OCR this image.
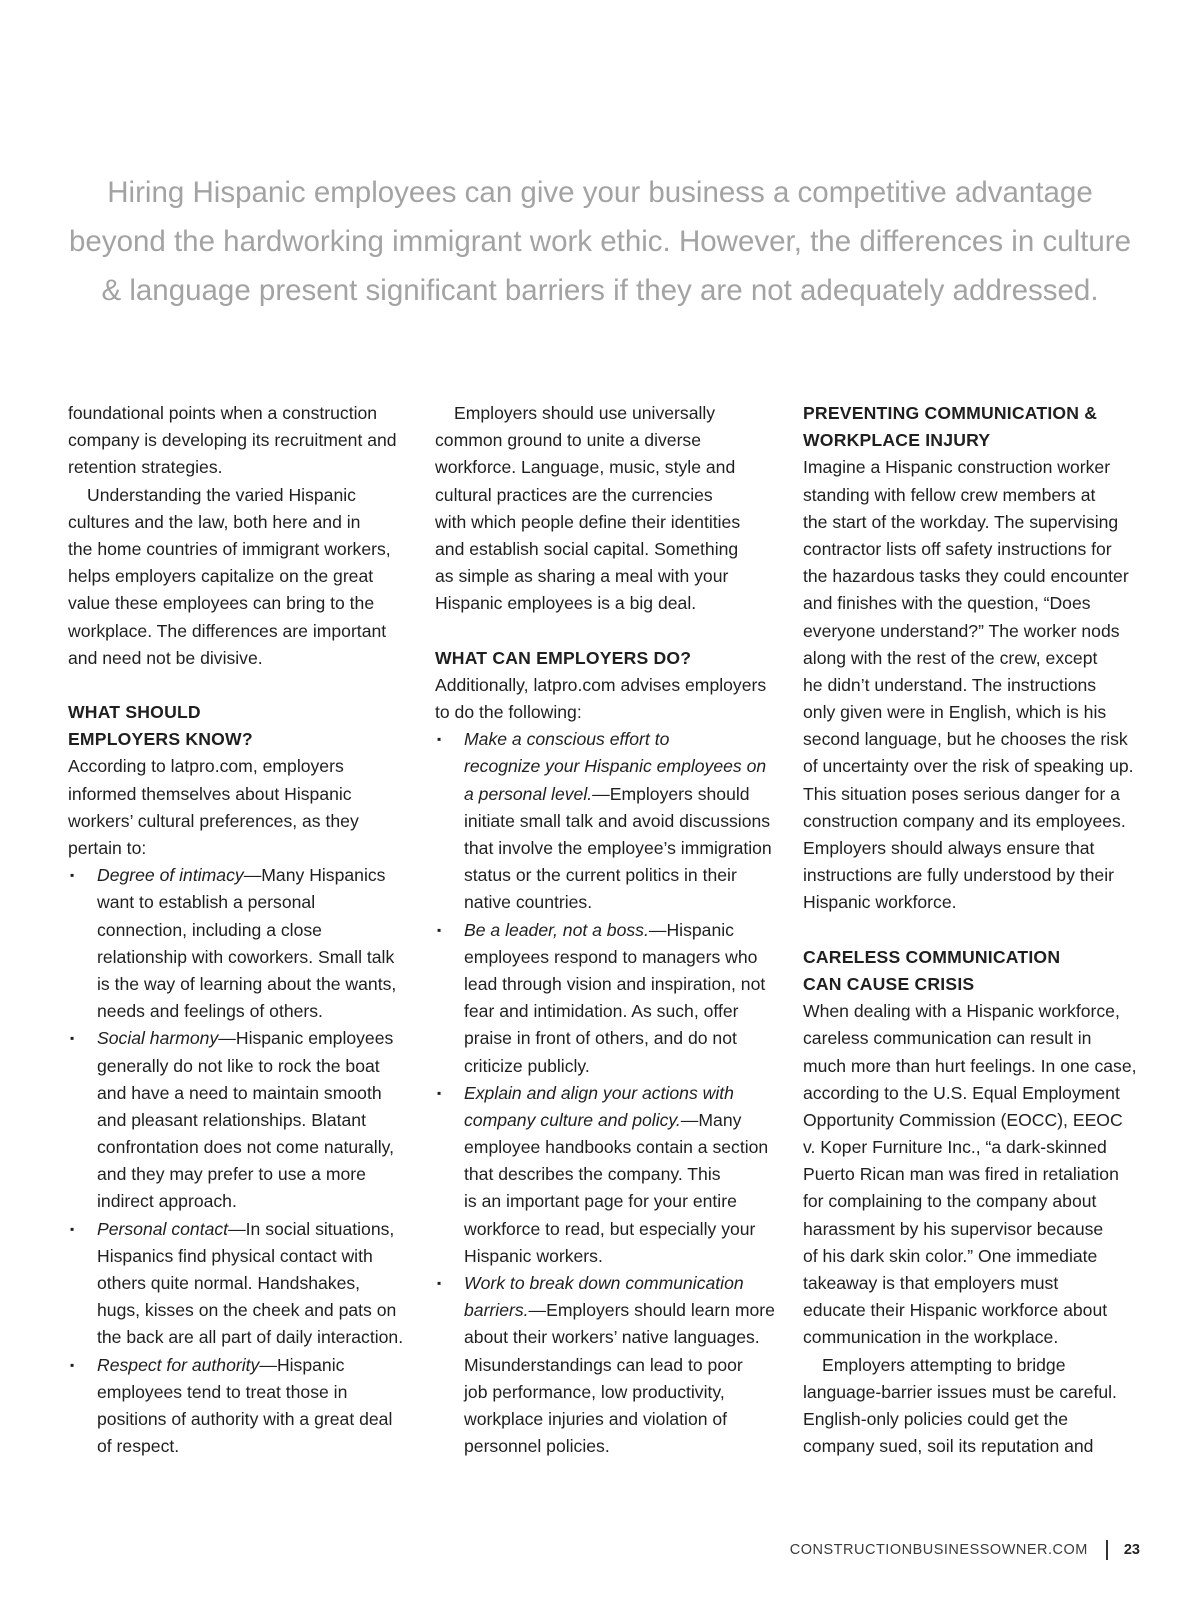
Hiring Hispanic employees can give your business a competitive advantage
beyond the hardworking immigrant work ethic. However, the differences in culture
& language present significant barriers if they are not adequately addressed.
foundational points when a construction
company is developing its recruitment and
retention strategies.
Understanding the varied Hispanic
cultures and the law, both here and in
the home countries of immigrant workers,
helps employers capitalize on the great
value these employees can bring to the
workplace. The differences are important
and need not be divisive.
WHAT SHOULD
EMPLOYERS KNOW?
According to latpro.com, employers
informed themselves about Hispanic
workers’ cultural preferences, as they
pertain to:
▪ Degree of intimacy—Many Hispanics
want to establish a personal
connection, including a close
relationship with coworkers. Small talk
is the way of learning about the wants,
needs and feelings of others.
▪ Social harmony—Hispanic employees
generally do not like to rock the boat
and have a need to maintain smooth
and pleasant relationships. Blatant
confrontation does not come naturally,
and they may prefer to use a more
indirect approach.
▪ Personal contact—In social situations,
Hispanics find physical contact with
others quite normal. Handshakes,
hugs, kisses on the cheek and pats on
the back are all part of daily interaction.
▪ Respect for authority—Hispanic
employees tend to treat those in
positions of authority with a great deal
of respect.
Employers should use universally
common ground to unite a diverse
workforce. Language, music, style and
cultural practices are the currencies
with which people define their identities
and establish social capital. Something
as simple as sharing a meal with your
Hispanic employees is a big deal.
WHAT CAN EMPLOYERS DO?
Additionally, latpro.com advises employers
to do the following:
▪ Make a conscious effort to
recognize your Hispanic employees on
a personal level.—Employers should
initiate small talk and avoid discussions
that involve the employee’s immigration
status or the current politics in their
native countries.
▪ Be a leader, not a boss.—Hispanic
employees respond to managers who
lead through vision and inspiration, not
fear and intimidation. As such, offer
praise in front of others, and do not
criticize publicly.
▪ Explain and align your actions with
company culture and policy.—Many
employee handbooks contain a section
that describes the company. This
is an important page for your entire
workforce to read, but especially your
Hispanic workers.
▪ Work to break down communication
barriers.—Employers should learn more
about their workers’ native languages.
Misunderstandings can lead to poor
job performance, low productivity,
workplace injuries and violation of
personnel policies.
PREVENTING COMMUNICATION &
WORKPLACE INJURY
Imagine a Hispanic construction worker
standing with fellow crew members at
the start of the workday. The supervising
contractor lists off safety instructions for
the hazardous tasks they could encounter
and finishes with the question, “Does
everyone understand?” The worker nods
along with the rest of the crew, except
he didn’t understand. The instructions
only given were in English, which is his
second language, but he chooses the risk
of uncertainty over the risk of speaking up.
This situation poses serious danger for a
construction company and its employees.
Employers should always ensure that
instructions are fully understood by their
Hispanic workforce.
CARELESS COMMUNICATION
CAN CAUSE CRISIS
When dealing with a Hispanic workforce,
careless communication can result in
much more than hurt feelings. In one case,
according to the U.S. Equal Employment
Opportunity Commission (EOCC), EEOC
v. Koper Furniture Inc., “a dark-skinned
Puerto Rican man was fired in retaliation
for complaining to the company about
harassment by his supervisor because
of his dark skin color.” One immediate
takeaway is that employers must
educate their Hispanic workforce about
communication in the workplace.
Employers attempting to bridge
language-barrier issues must be careful.
English-only policies could get the
company sued, soil its reputation and
CONSTRUCTIONBUSINESSOWNER.COM 23
